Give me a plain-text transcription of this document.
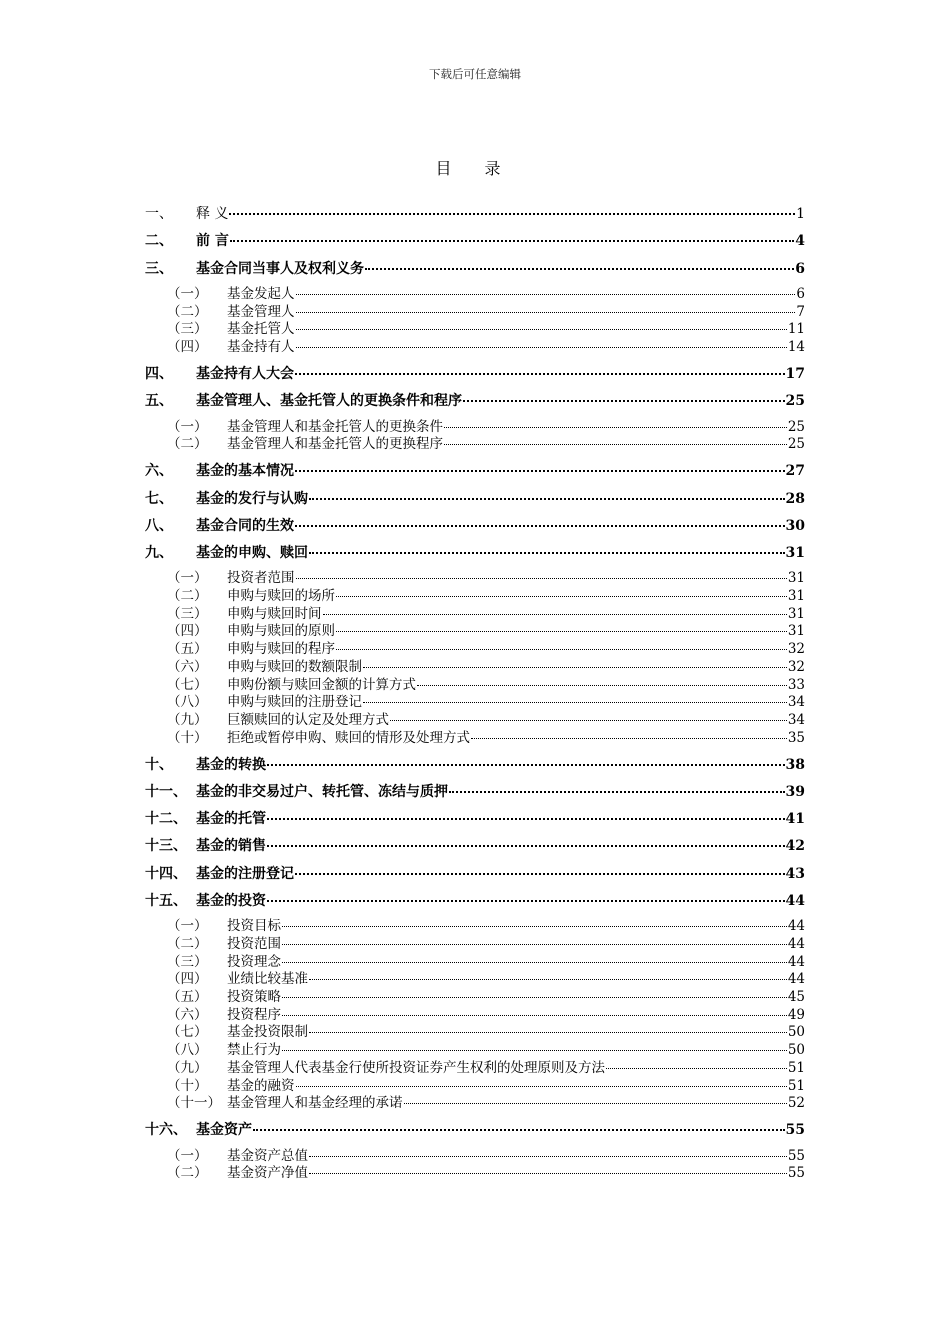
下载后可任意编辑
目 录
一、	释 义	1
二、	前 言	4
三、	基金合同当事人及权利义务	6
（一）	基金发起人	6
（二）	基金管理人	7
（三）	基金托管人	11
（四）	基金持有人	14
四、	基金持有人大会	17
五、	基金管理人、基金托管人的更换条件和程序	25
（一）	基金管理人和基金托管人的更换条件	25
（二）	基金管理人和基金托管人的更换程序	25
六、	基金的基本情况	27
七、	基金的发行与认购	28
八、	基金合同的生效	30
九、	基金的申购、赎回	31
（一）	投资者范围	31
（二）	申购与赎回的场所	31
（三）	申购与赎回时间	31
（四）	申购与赎回的原则	31
（五）	申购与赎回的程序	32
（六）	申购与赎回的数额限制	32
（七）	申购份额与赎回金额的计算方式	33
（八）	申购与赎回的注册登记	34
（九）	巨额赎回的认定及处理方式	34
（十）	拒绝或暂停申购、赎回的情形及处理方式	35
十、	基金的转换	38
十一、 基金的非交易过户、转托管、冻结与质押	39
十二、 基金的托管	41
十三、 基金的销售	42
十四、 基金的注册登记	43
十五、 基金的投资	44
（一）	投资目标	44
（二）	投资范围	44
（三）	投资理念	44
（四）	业绩比较基准	44
（五）	投资策略	45
（六）	投资程序	49
（七）	基金投资限制	50
（八）	禁止行为	50
（九）	基金管理人代表基金行使所投资证券产生权利的处理原则及方法	51
（十）	基金的融资	51
（十一） 基金管理人和基金经理的承诺	52
十六、 基金资产	55
（一）	基金资产总值	55
（二）	基金资产净值	55
